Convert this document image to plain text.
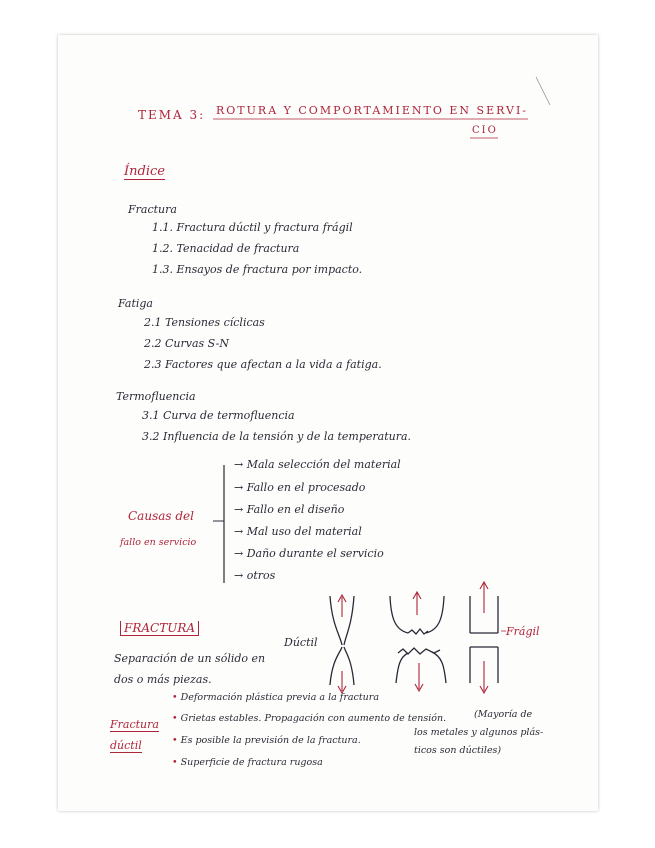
TEMA 3: ROTURA Y COMPORTAMIENTO EN SERVI-
CIO
Índice
Fractura
1.1. Fractura dúctil y fractura frágil
1.2. Tenacidad de fractura
1.3. Ensayos de fractura por impacto.
Fatiga
2.1 Tensiones cíclicas
2.2 Curvas S-N
2.3 Factores que afectan a la vida a fatiga.
Termofluencia
3.1 Curva de termofluencia
3.2 Influencia de la tensión y de la temperatura.
Causas del
fallo en servicio
→ Mala selección del material
→ Fallo en el procesado
→ Fallo en el diseño
→ Mal uso del material
→ Daño durante el servicio
→ otros
FRACTURA
Dúctil
Frágil
Separación de un sólido en
dos o más piezas.
Fractura
dúctil
• Deformación plástica previa a la fractura
• Grietas estables. Propagación con aumento de tensión.
• Es posible la previsión de la fractura.
• Superficie de fractura rugosa
(Mayoría de
los metales y algunos plás-
ticos son dúctiles)
